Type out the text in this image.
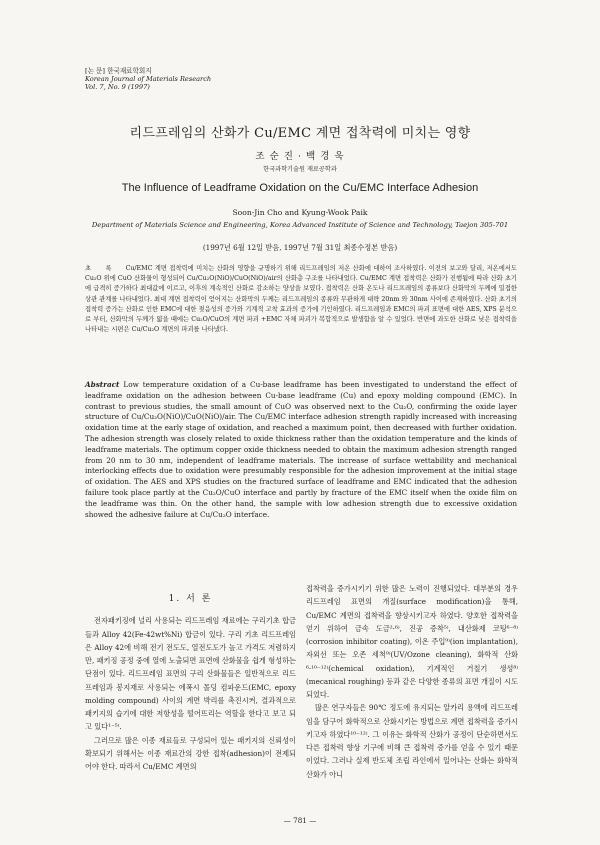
[논 문] 한국재료학회지
Korean Journal of Materials Research
Vol. 7, No. 9 (1997)
리드프레임의 산화가 Cu/EMC 계면 접착력에 미치는 영향
조 순 진 · 백 경 욱
한국과학기술원 재료공학과
The Influence of Leadframe Oxidation on the Cu/EMC Interface Adhesion
Soon-Jin Cho and Kyung-Wook Paik
Department of Materials Science and Engineering, Korea Advanced Institute of Science and Technology, Taejon 305-701
(1997년 6월 12일 받음, 1997년 7월 31일 최종수정본 받음)
초 록 Cu/EMC 계면 접착력에 미치는 산화의 영향을 규명하기 위해 리드프레임의 저온 산화에 대하여 조사하였다. 이전의 보고와 달리, 저온에서도 Cu₂O 위에 CuO 산화물이 형성되어 Cu/Cu₂O(NiO)/CuO(NiO)/air의 산화층 구조를 나타내었다. Cu/EMC 계면 접착력은 산화가 진행됨에 따라 산화 초기에 급격히 증가하다 최대값에 이르고, 이후의 계속적인 산화로 감소하는 양상을 보였다. 접착력은 산화 온도나 리드프레임의 종류보다 산화막의 두께에 밀접한 상관 관계를 나타내었다. 최대 계면 접착력이 얻어지는 산화막의 두께는 리드프레임의 종류와 무관하게 대략 20nm 와 30nm 사이에 존재하였다. 산화 초기의 접착력 증가는 산화로 인한 EMC에 대한 젖음성의 증가와 기계적 고착 효과의 증가에 기인하였다. 리드프레임과 EMC의 파괴 표면에 대한 AES, XPS 분석으로 부터, 산화막의 두께가 얇을 때에는 Cu₂O/CuO의 계면 파괴 +EMC 자체 파괴가 복합적으로 발생함을 알 수 있었다. 반면에 과도한 산화로 낮은 접착력을 나타내는 시편은 Cu/Cu₂O 계면의 파괴를 나타냈다.
Abstract Low temperature oxidation of a Cu-base leadframe has been investigated to understand the effect of leadframe oxidation on the adhesion between Cu-base leadframe (Cu) and epoxy molding compound (EMC). In contrast to previous studies, the small amount of CuO was observed next to the Cu₂O, confirming the oxide layer structure of Cu/Cu₂O(NiO)/CuO(NiO)/air. The Cu/EMC interface adhesion strength rapidly increased with increasing oxidation time at the early stage of oxidation, and reached a maximum point, then decreased with further oxidation. The adhesion strength was closely related to oxide thickness rather than the oxidation temperature and the kinds of leadframe materials. The optimum copper oxide thickness needed to obtain the maximum adhesion strength ranged from 20 nm to 30 nm, independent of leadframe materials. The increase of surface wettability and mechanical interlocking effects due to oxidation were presumably responsible for the adhesion improvement at the initial stage of oxidation. The AES and XPS studies on the fractured surface of leadframe and EMC indicated that the adhesion failure took place partly at the Cu₂O/CuO interface and partly by fracture of the EMC itself when the oxide film on the leadframe was thin. On the other hand, the sample with low adhesion strength due to excessive oxidation showed the adhesive failure at Cu/Cu₂O interface.
1. 서 론

전자패키징에 널리 사용되는 리드프레임 재료에는 구리기초 합금들과 Alloy 42(Fe-42wt%Ni) 합금이 있다. 구리 기초 리드프레임은 Alloy 42에 비해 전기 전도도, 열전도도가 높고 가격도 저렴하지만, 패키징 공정 중에 열에 노출되면 표면에 산화물을 쉽게 형성하는 단점이 있다. 리드프레임 표면의 구리 산화물들은 일반적으로 리드프레임과 봉지재로 사용되는 에폭시 몰딩 컴파운드(EMC, epoxy molding compound) 사이의 계면 박리를 촉진시켜, 결과적으로 패키지의 습기에 대한 저항성을 떨어뜨리는 역할을 한다고 보고 되고 있다¹⁻⁵⁾.

그러므로 많은 이종 재료들로 구성되어 있는 패키지의 신뢰성이 확보되기 위해서는 이종 재료간의 강한 접착(adhesion)이 전제되어야 한다. 따라서 Cu/EMC 계면의

접착력을 증가시키기 위한 많은 노력이 진행되었다. 대부분의 경우 리드프레임 표면의 개질(surface modification)을 통해, Cu/EMC 계면의 접착력을 향상시키고자 하였다. 양호한 접착력을 얻기 위하여 금속 도금²·⁶⁾, 진공 증착⁵⁾, 내산화제 코팅⁶⁻⁸⁾(corrosion inhibitor coating), 이온 주입⁹⁾(ion implantation), 자외선 또는 오존 세척⁹⁾(UV/Ozone cleaning), 화학적 산화⁶·¹⁰⁻¹²⁾(chemical oxidation), 기계적인 거칠기 생성⁸⁾(mecanical roughing) 등과 같은 다양한 종류의 표면 개질이 시도되었다.

많은 연구자들은 90℃ 정도에 유지되는 알카리 용액에 리드프레임을 담구어 화학적으로 산화시키는 방법으로 계면 접착력을 증가시키고자 하였다¹⁰⁻¹²⁾. 그 이유는 화학적 산화가 공정이 단순하면서도 다른 접착력 향상 기구에 비해 큰 접착력 증가를 얻을 수 있기 때문이었다. 그러나 실제 반도체 조립 라인에서 일어나는 산화는 화학적 산화가 아니

— 781 —
